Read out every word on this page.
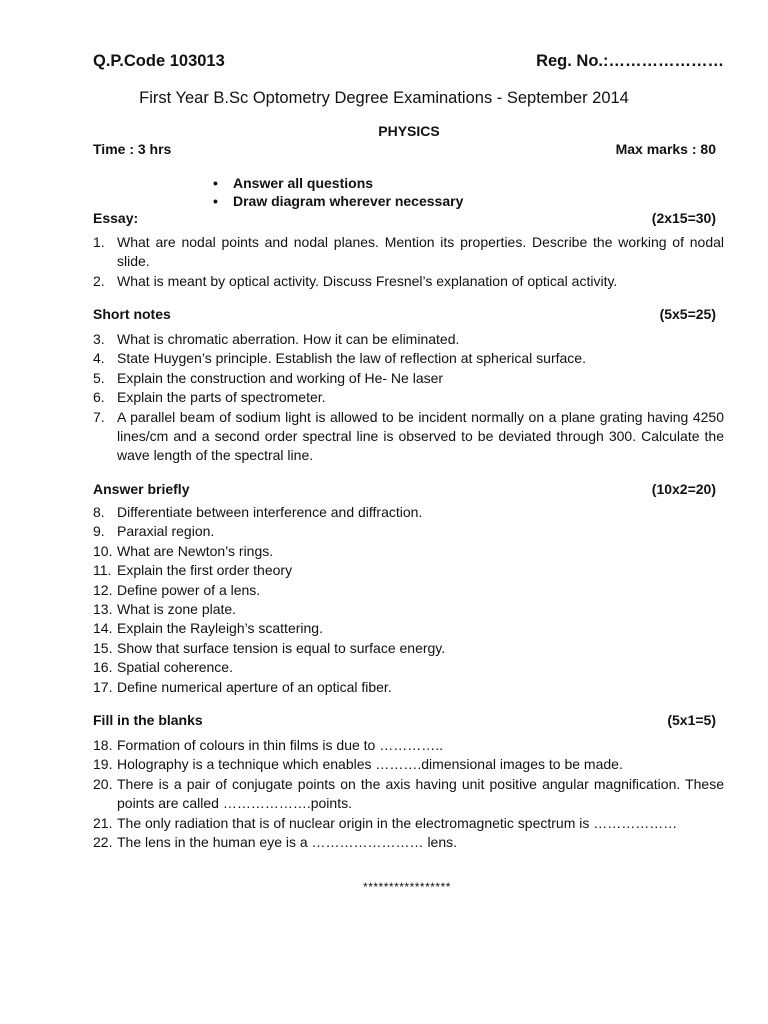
Q.P.Code 103013	Reg. No.:…………………
First Year B.Sc Optometry Degree Examinations - September 2014
PHYSICS
Time : 3 hrs	Max marks : 80
• Answer all questions
• Draw diagram wherever necessary
Essay:	(2x15=30)
1. What are nodal points and nodal planes. Mention its properties. Describe the working of nodal slide.
2. What is meant by optical activity. Discuss Fresnel’s explanation of optical activity.
Short notes	(5x5=25)
3. What is chromatic aberration. How it can be eliminated.
4. State Huygen’s principle. Establish the law of reflection at spherical surface.
5. Explain the construction and working of He- Ne laser
6. Explain the parts of spectrometer.
7. A parallel beam of sodium light is allowed to be incident normally on a plane grating having 4250 lines/cm and a second order spectral line is observed to be deviated through 300. Calculate the wave length of the spectral line.
Answer briefly	(10x2=20)
8. Differentiate between interference and diffraction.
9. Paraxial region.
10. What are Newton’s rings.
11. Explain the first order theory
12. Define power of a lens.
13. What is zone plate.
14. Explain the Rayleigh’s scattering.
15. Show that surface tension is equal to surface energy.
16. Spatial coherence.
17. Define numerical aperture of an optical fiber.
Fill in the blanks	(5x1=5)
18. Formation of colours in thin films is due to …………..
19. Holography is a technique which enables ……….dimensional images to be made.
20. There is a pair of conjugate points on the axis having unit positive angular magnification. These points are called ……………….points.
21. The only radiation that is of nuclear origin in the electromagnetic spectrum is ………………
22. The lens in the human eye is a …………………… lens.
*****************
